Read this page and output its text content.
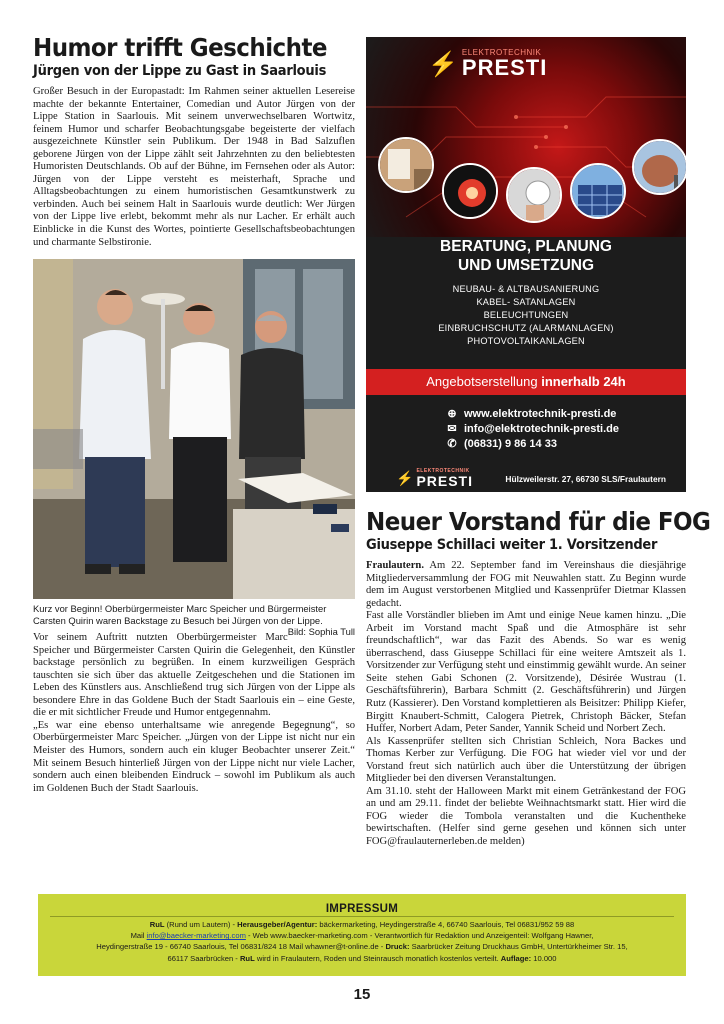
Humor trifft Geschichte
Jürgen von der Lippe zu Gast in Saarlouis

Großer Besuch in der Europastadt: Im Rahmen seiner aktuellen Lesereise machte der bekannte Entertainer, Comedian und Autor Jürgen von der Lippe Station in Saarlouis. Mit seinem unverwechselbaren Wortwitz, feinem Humor und scharfer Beobachtungsgabe begeisterte der vielfach ausgezeichnete Künstler sein Publikum. Der 1948 in Bad Salzuflen geborene Jürgen von der Lippe zählt seit Jahrzehnten zu den beliebtesten Humoristen Deutschlands. Ob auf der Bühne, im Fernsehen oder als Autor: Jürgen von der Lippe versteht es meisterhaft, Sprache und Alltagsbeobachtungen zu einem humoristischen Gesamtkunstwerk zu verbinden. Auch bei seinem Halt in Saarlouis wurde deutlich: Wer Jürgen von der Lippe live erlebt, bekommt mehr als nur Lacher. Er erhält auch Einblicke in die Kunst des Wortes, pointierte Gesellschaftsbeobachtungen und charmante Selbstironie.

Kurz vor Beginn! Oberbürgermeister Marc Speicher und Bürgermeister Carsten Quirin waren Backstage zu Besuch bei Jürgen von der Lippe.
Bild: Sophia Tull

Vor seinem Auftritt nutzten Oberbürgermeister Marc Speicher und Bürgermeister Carsten Quirin die Gelegenheit, den Künstler backstage persönlich zu begrüßen. In einem kurzweiligen Gespräch tauschten sie sich über das aktuelle Zeitgeschehen und die Stationen im Leben des Künstlers aus. Anschließend trug sich Jürgen von der Lippe als besondere Ehre in das Goldene Buch der Stadt Saarlouis ein – eine Geste, die er mit sichtlicher Freude und Humor entgegennahm.

„Es war eine ebenso unterhaltsame wie anregende Begegnung“, so Oberbürgermeister Marc Speicher. „Jürgen von der Lippe ist nicht nur ein Meister des Humors, sondern auch ein kluger Beobachter unserer Zeit.“ Mit seinem Besuch hinterließ Jürgen von der Lippe nicht nur viele Lacher, sondern auch einen bleibenden Eindruck – sowohl im Publikum als auch im Goldenen Buch der Stadt Saarlouis.

⚡ ELEKTROTECHNIK
PRESTI
BERATUNG, PLANUNG
UND UMSETZUNG
NEUBAU- & ALTBAUSANIERUNG
KABEL- SATANLAGEN
BELEUCHTUNGEN
EINBRUCHSCHUTZ (ALARMANLAGEN)
PHOTOVOLTAIKANLAGEN
Angebotserstellung innerhalb 24h
⊕ www.elektrotechnik-presti.de
✉ info@elektrotechnik-presti.de
✆ (06831) 9 86 14 33
⚡ ELEKTROTECHNIK
PRESTI	Hülzweilerstr. 27, 66730 SLS/Fraulautern
Neuer Vorstand für die FOG
Giuseppe Schillaci weiter 1. Vorsitzender

Fraulautern. Am 22. September fand im Vereinshaus die diesjährige Mitgliederversammlung der FOG mit Neuwahlen statt. Zu Beginn wurde dem im August verstorbenen Mitglied und Kassenprüfer Dietmar Klassen gedacht.

Fast alle Vorständler blieben im Amt und einige Neue kamen hinzu. „Die Arbeit im Vorstand macht Spaß und die Atmosphäre ist sehr freundschaftlich“, war das Fazit des Abends. So war es wenig überraschend, dass Giuseppe Schillaci für eine weitere Amtszeit als 1. Vorsitzender zur Verfügung steht und einstimmig gewählt wurde. An seiner Seite stehen Gabi Schonen (2. Vorsitzende), Désirée Wustrau (1. Geschäftsführerin), Barbara Schmitt (2. Geschäftsführerin) und Jürgen Rutz (Kassierer). Den Vorstand komplettieren als Beisitzer: Philipp Kiefer, Birgitt Knaubert-Schmitt, Calogera Pietrek, Christoph Bäcker, Stefan Huffer, Norbert Adam, Peter Sander, Yannik Scheid und Norbert Zech.

Als Kassenprüfer stellten sich Christian Schleich, Nora Backes und Thomas Kerber zur Verfügung. Die FOG hat wieder viel vor und der Vorstand freut sich natürlich auch über die Unterstützung der übrigen Mitglieder bei den diversen Veranstaltungen.

Am 31.10. steht der Halloween Markt mit einem Getränkestand der FOG an und am 29.11. findet der beliebte Weihnachtsmarkt statt. Hier wird die FOG wieder die Tombola veranstalten und die Kuchentheke bewirtschaften. (Helfer sind gerne gesehen und können sich unter FOG@fraulauternerleben.de melden)

IMPRESSUM
RuL (Rund um Lautern) - Herausgeber/Agentur: bäckermarketing, Heydingerstraße 4, 66740 Saarlouis, Tel 06831/952 59 88
Mail info@baecker-marketing.com - Web www.baecker-marketing.com - Verantwortlich für Redaktion und Anzeigenteil: Wolfgang Hawner,
Heydingerstraße 19 - 66740 Saarlouis, Tel 06831/824 18 Mail whawner@t-online.de - Druck: Saarbrücker Zeitung Druckhaus GmbH, Untertürkheimer Str. 15,
66117 Saarbrücken - RuL wird in Fraulautern, Roden und Steinrausch monatlich kostenlos verteilt. Auflage: 10.000
15
